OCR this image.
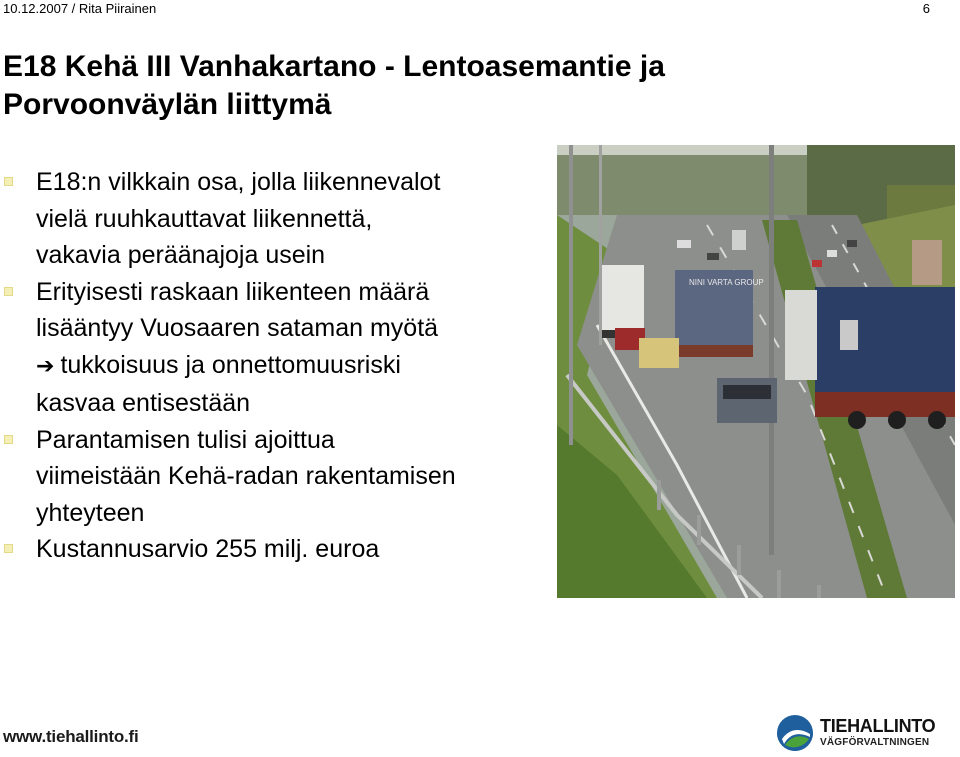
10.12.2007 / Rita Piirainen	6
E18 Kehä III Vanhakartano - Lentoasemantie ja
Porvoonväylän liittymä
E18:n vilkkain osa, jolla liikennevalot
vielä ruuhkauttavat liikennettä,
vakavia peräänajoja usein
Erityisesti raskaan liikenteen määrä
lisääntyy Vuosaaren sataman myötä
➔ tukkoisuus ja onnettomuusriski
kasvaa entisestään
Parantamisen tulisi ajoittua
viimeistään Kehä-radan rakentamisen
yhteyteen
Kustannusarvio 255 milj. euroa
NINI VARTA GROUP
www.tiehallinto.fi
TIEHALLINTO
VÄGFÖRVALTNINGEN
